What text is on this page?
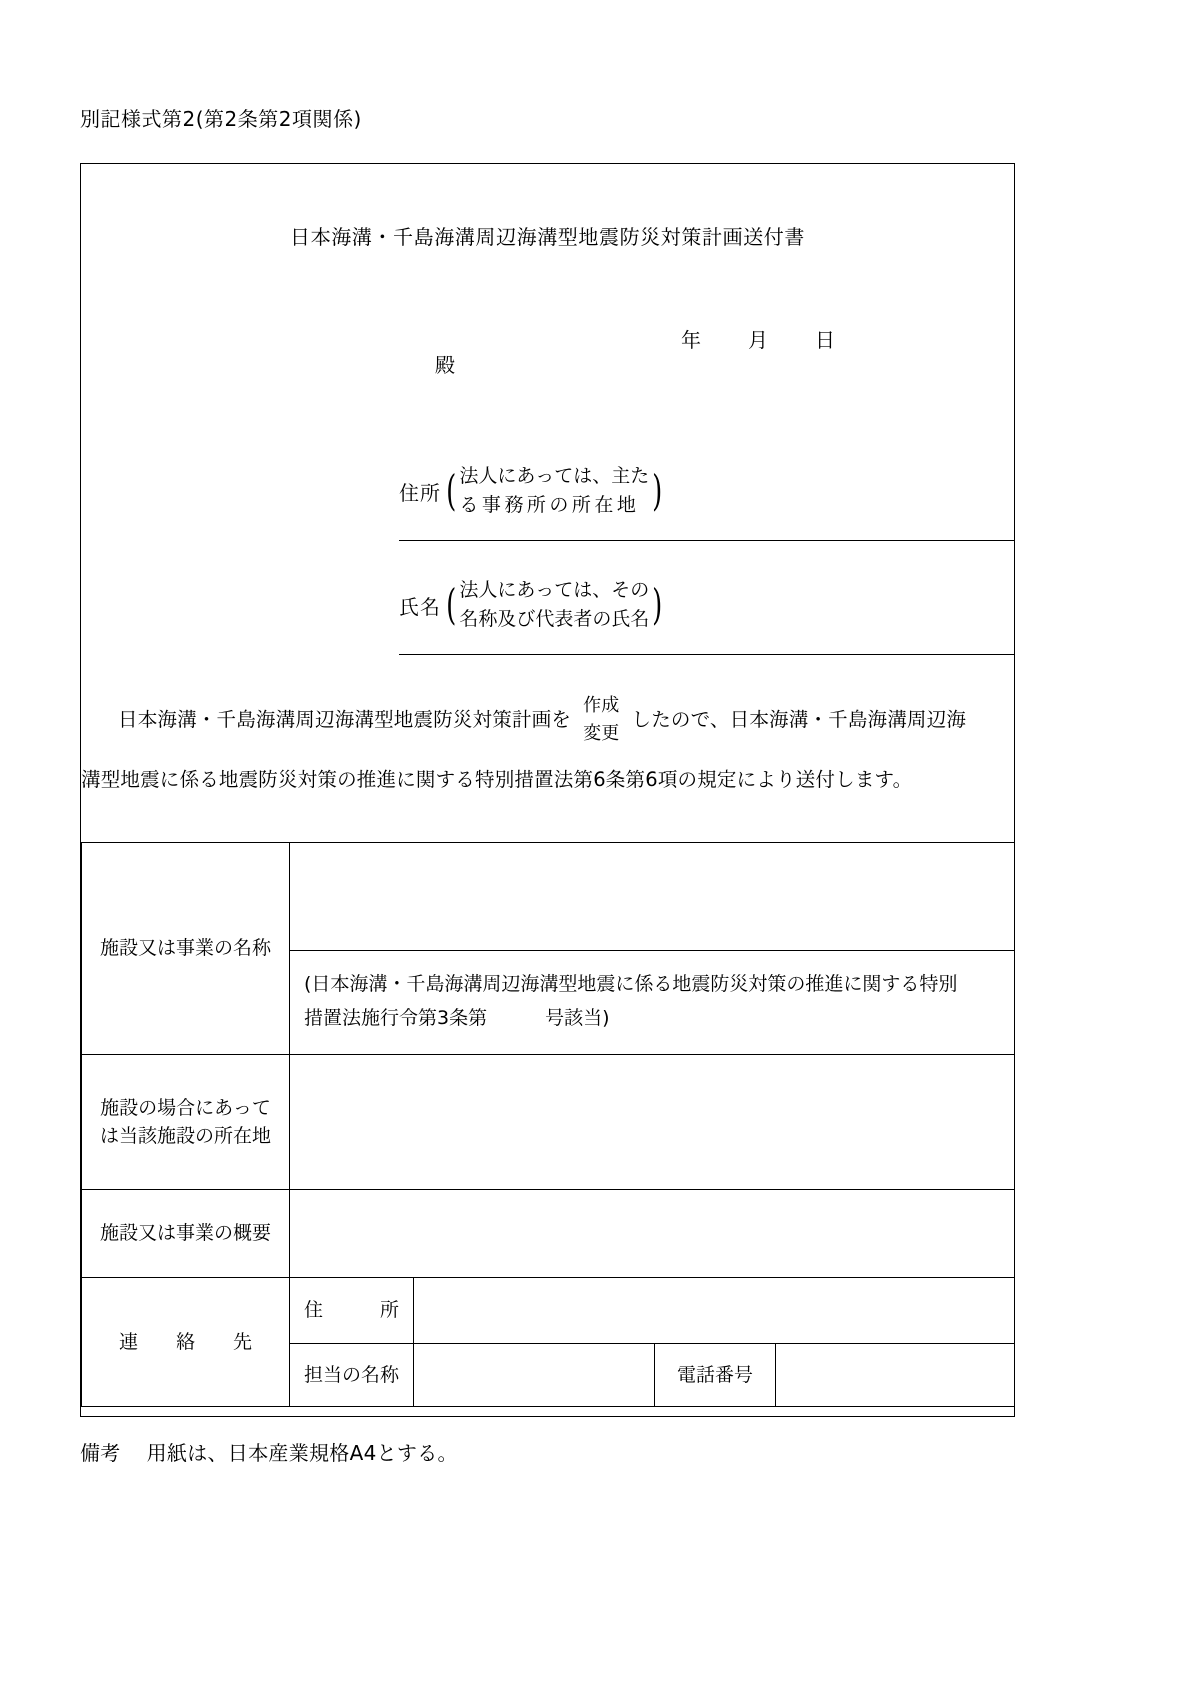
別記様式第2(第2条第2項関係)
日本海溝・千島海溝周辺海溝型地震防災対策計画送付書
年 月 日
殿
住所 ( 法人にあっては、主た
る事務所の所在地 )
氏名 ( 法人にあっては、その
名称及び代表者の氏名 )
日本海溝・千島海溝周辺海溝型地震防災対策計画を
作成
変更
したので、日本海溝・千島海溝周辺海
溝型地震に係る地震防災対策の推進に関する特別措置法第6条第6項の規定により送付します。
施設又は事業の名称				

	(日本海溝・千島海溝周辺海溝型地震に係る地震防災対策の推進に関する特別
措置法施行令第3条第 号該当)			

施設の場合にあって
は当該施設の所在地				

施設又は事業の概要				
連　　絡　　先	住　　　所			
	担当の名称		電話番号	
備考 用紙は、日本産業規格A4とする。
